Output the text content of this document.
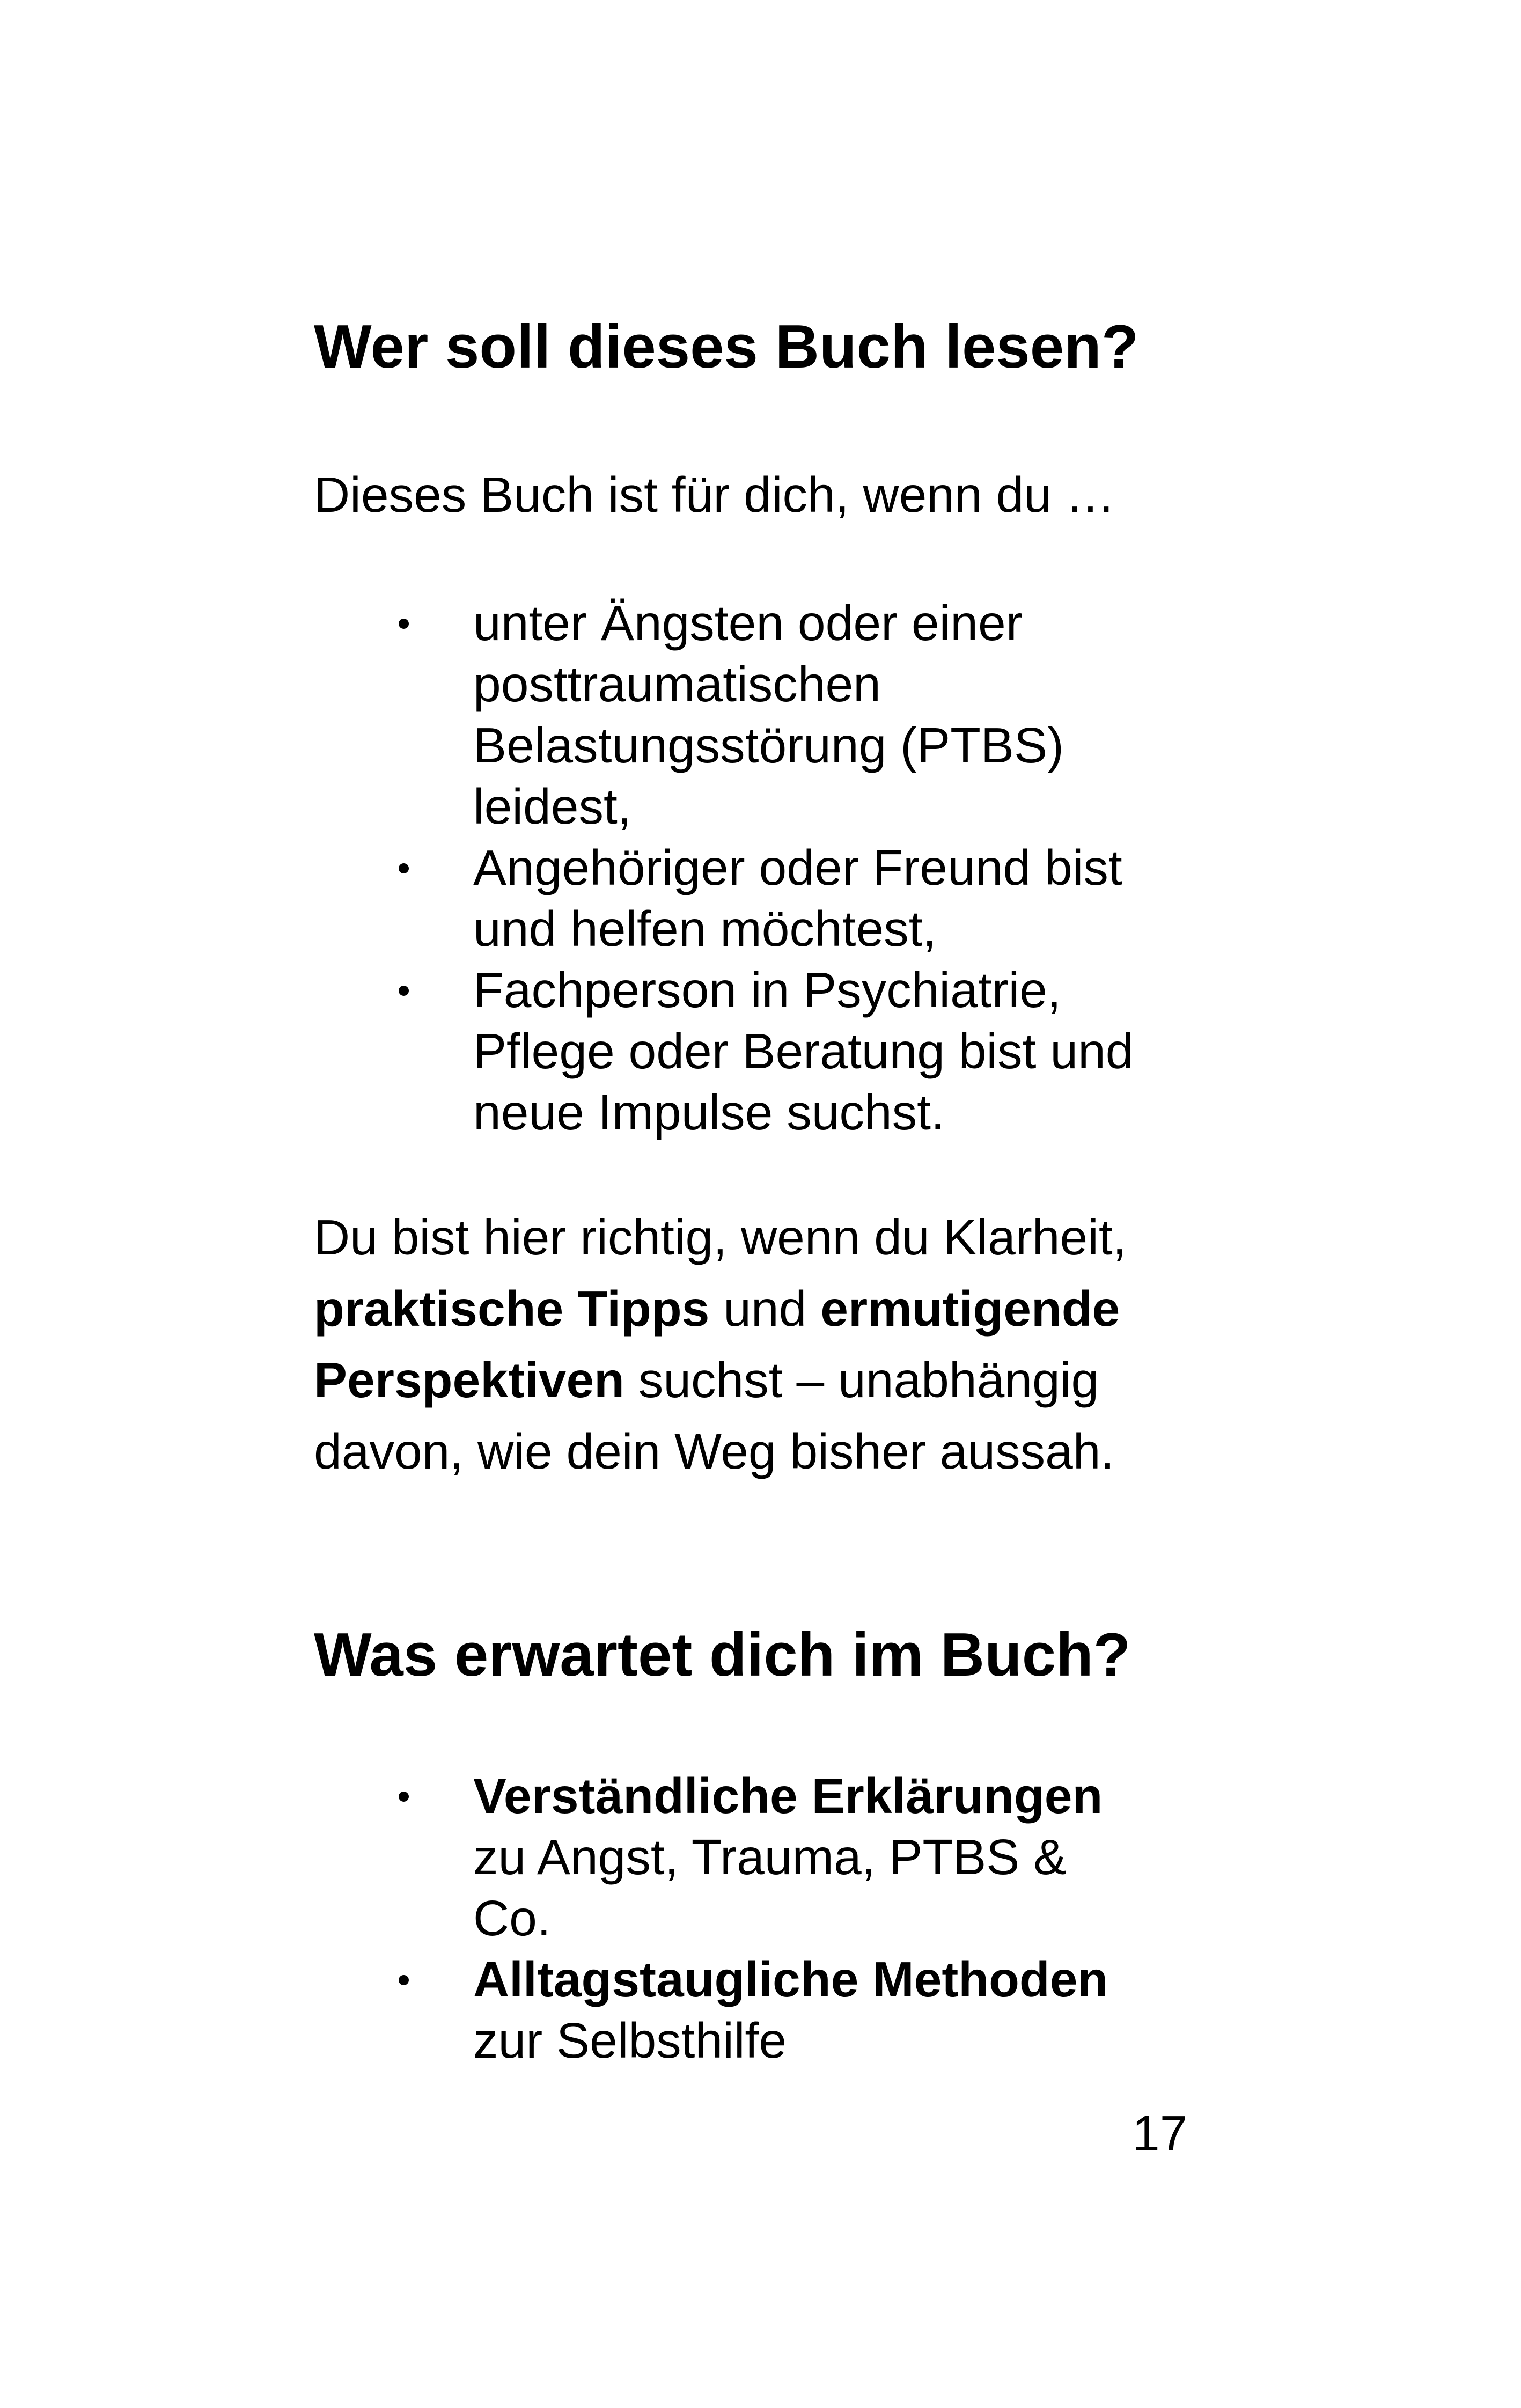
Wer soll dieses Buch lesen?

Dieses Buch ist für dich, wenn du …

unter Ängsten oder einer
posttraumatischen
Belastungsstörung (PTBS)
leidest,
Angehöriger oder Freund bist
und helfen möchtest,
Fachperson in Psychiatrie,
Pflege oder Beratung bist und
neue Impulse suchst.

Du bist hier richtig, wenn du Klarheit,
praktische Tipps und ermutigende
Perspektiven suchst – unabhängig
davon, wie dein Weg bisher aussah.

Was erwartet dich im Buch?
Verständliche Erklärungen
zu Angst, Trauma, PTBS &
Co.
Alltagstaugliche Methoden
zur Selbsthilfe

17
